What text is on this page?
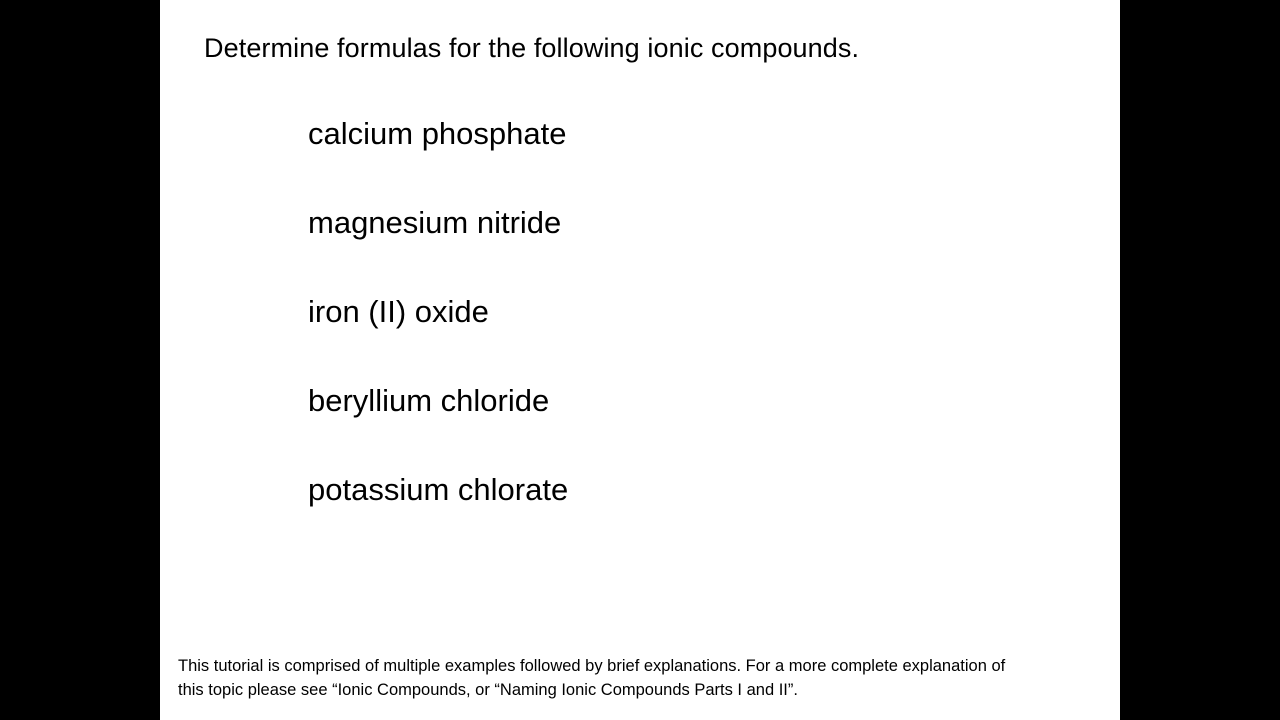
Determine formulas for the following ionic compounds.
calcium phosphate
magnesium nitride
iron (II) oxide
beryllium chloride
potassium chlorate
This tutorial is comprised of multiple examples followed by brief explanations. For a more complete explanation of
this topic please see “Ionic Compounds, or “Naming Ionic Compounds Parts I and II”.
